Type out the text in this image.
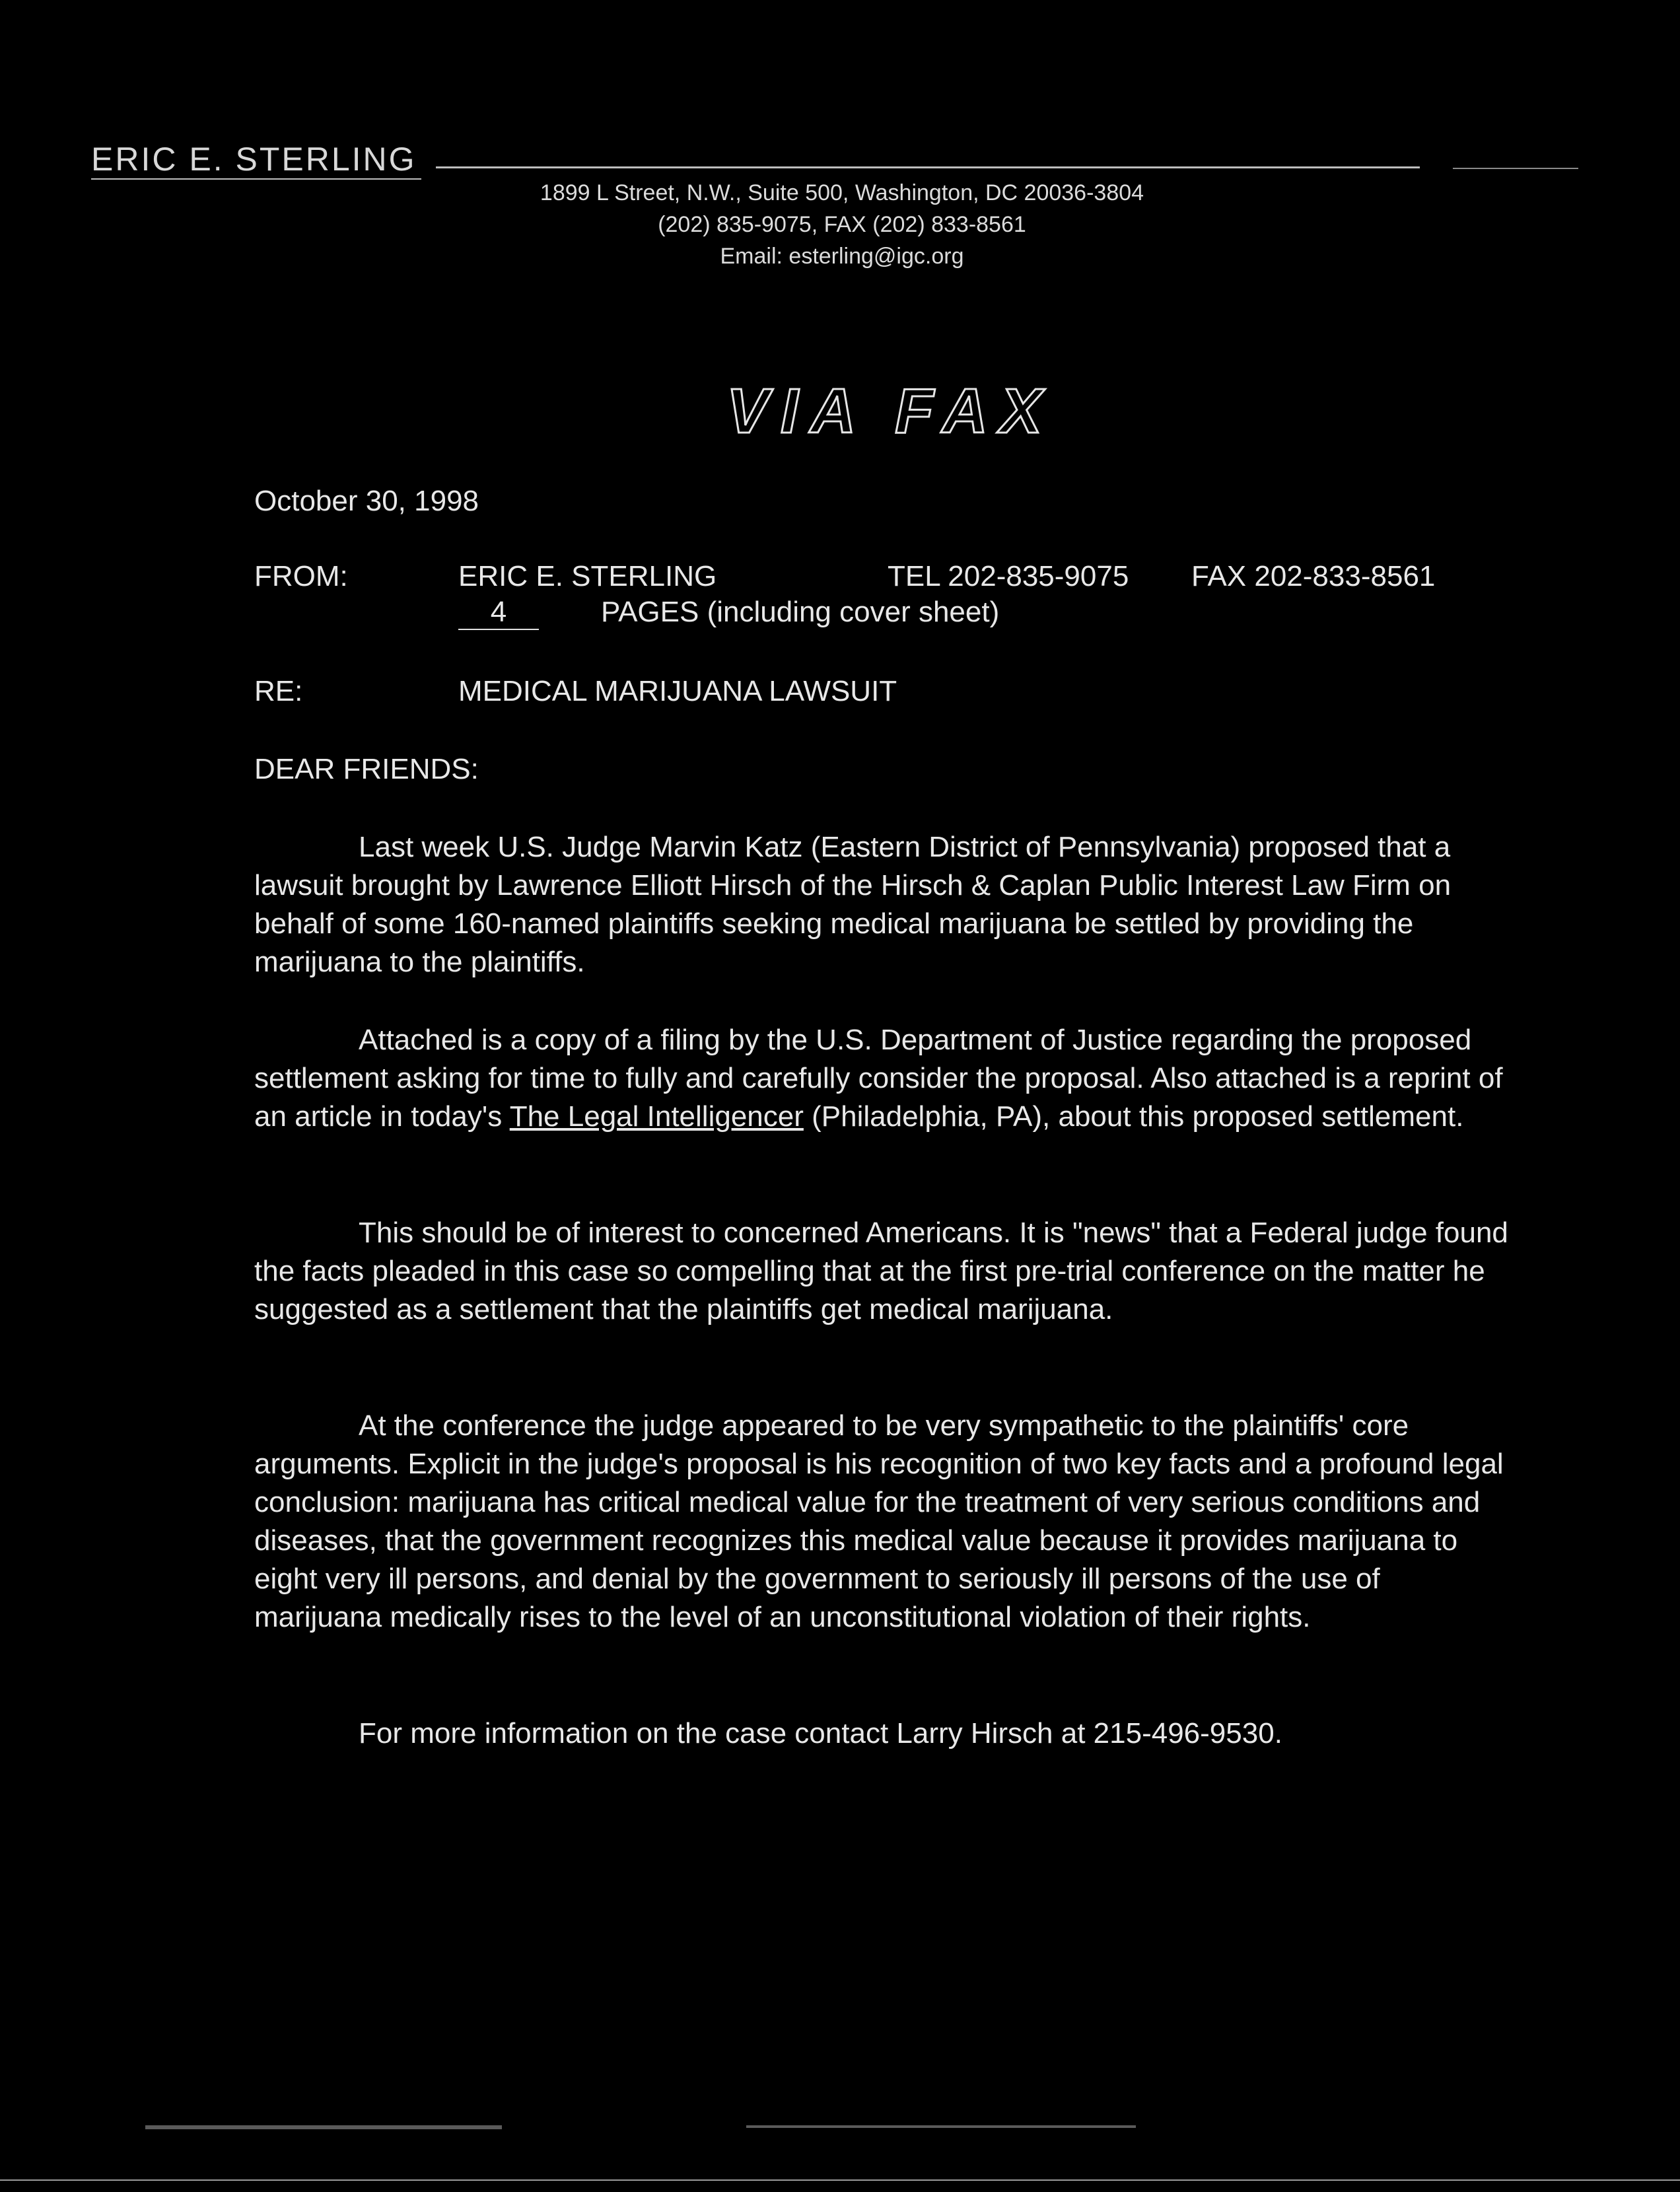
ERIC E. STERLING
1899 L Street, N.W., Suite 500, Washington, DC 20036-3804
(202) 835-9075, FAX (202) 833-8561
Email: esterling@igc.org
VIA FAX
October 30, 1998
FROM:	ERIC E. STERLING	TEL 202-835-9075 FAX 202-833-8561
4	PAGES (including cover sheet)
RE:	MEDICAL MARIJUANA LAWSUIT
DEAR FRIENDS:

Last week U.S. Judge Marvin Katz (Eastern District of Pennsylvania) proposed that a lawsuit brought by Lawrence Elliott Hirsch of the Hirsch & Caplan Public Interest Law Firm on behalf of some 160-named plaintiffs seeking medical marijuana be settled by providing the marijuana to the plaintiffs.

Attached is a copy of a filing by the U.S. Department of Justice regarding the proposed settlement asking for time to fully and carefully consider the proposal. Also attached is a reprint of an article in today's The Legal Intelligencer (Philadelphia, PA), about this proposed settlement.

This should be of interest to concerned Americans. It is "news" that a Federal judge found the facts pleaded in this case so compelling that at the first pre-trial conference on the matter he suggested as a settlement that the plaintiffs get medical marijuana.

At the conference the judge appeared to be very sympathetic to the plaintiffs' core arguments. Explicit in the judge's proposal is his recognition of two key facts and a profound legal conclusion: marijuana has critical medical value for the treatment of very serious conditions and diseases, that the government recognizes this medical value because it provides marijuana to eight very ill persons, and denial by the government to seriously ill persons of the use of marijuana medically rises to the level of an unconstitutional violation of their rights.

For more information on the case contact Larry Hirsch at 215-496-9530.
